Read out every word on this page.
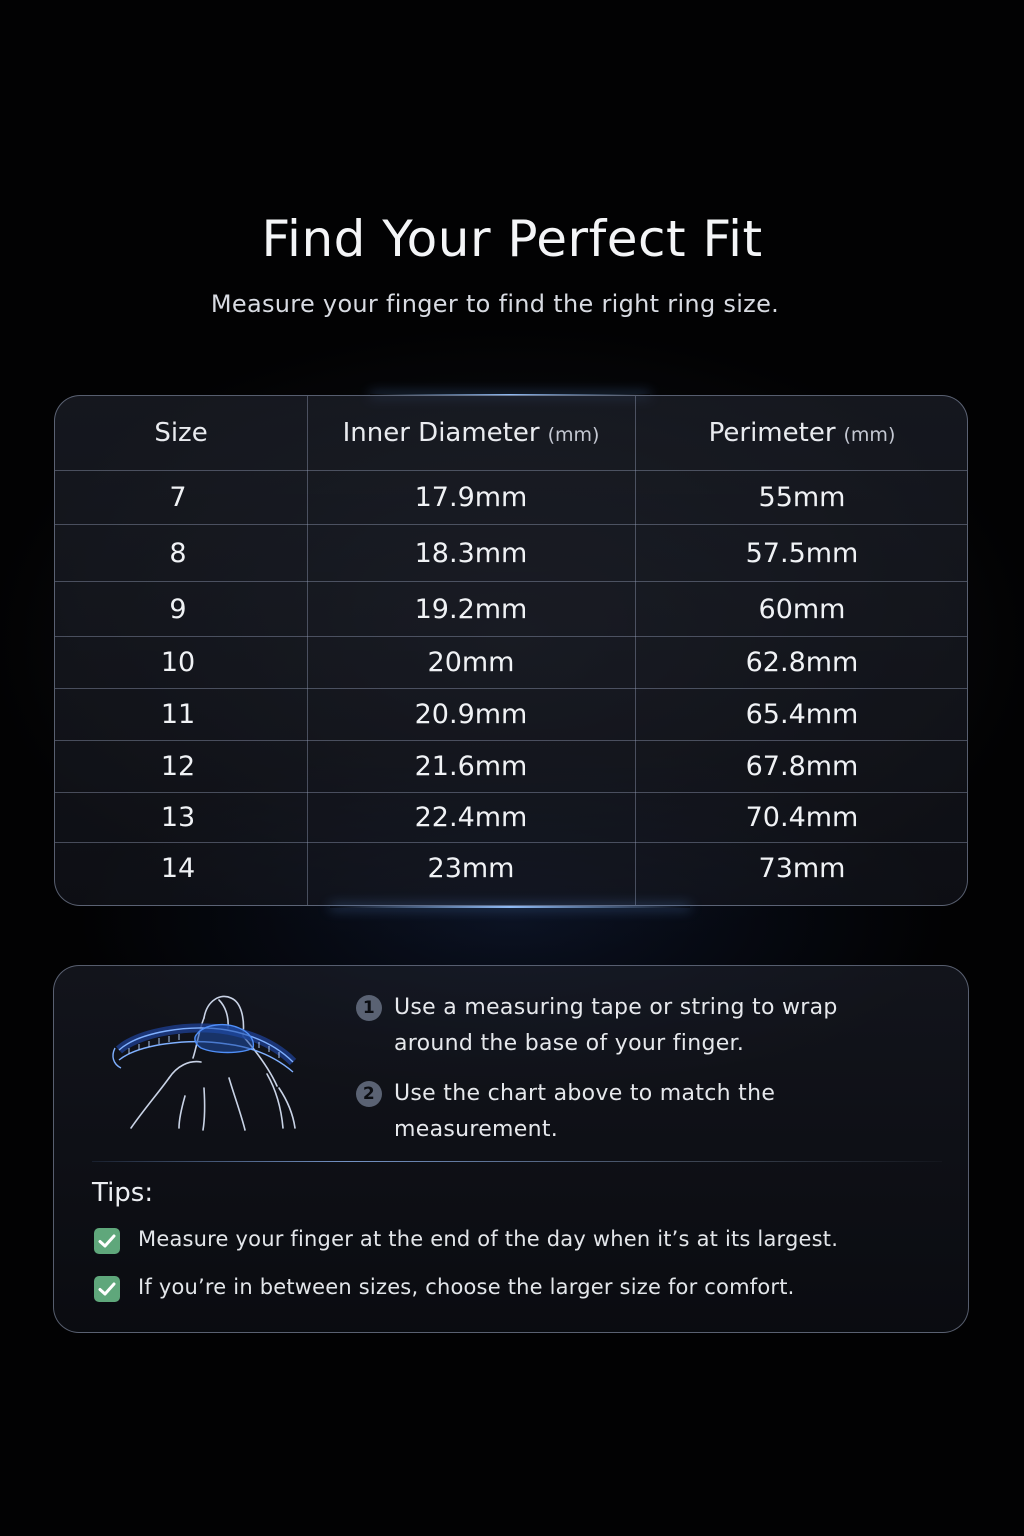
Find Your Perfect Fit
Measure your finger to find the right ring size.
Size	Inner Diameter (mm)	Perimeter (mm)
7	17.9mm	55mm
8	18.3mm	57.5mm
9	19.2mm	60mm
10	20mm	62.8mm
11	20.9mm	65.4mm
12	21.6mm	67.8mm
13	22.4mm	70.4mm
14	23mm	73mm
1 Use a measuring tape or string to wrap around the base of your finger.
2 Use the chart above to match the measurement.
Tips:
Measure your finger at the end of the day when it’s at its largest.
If you’re in between sizes, choose the larger size for comfort.
